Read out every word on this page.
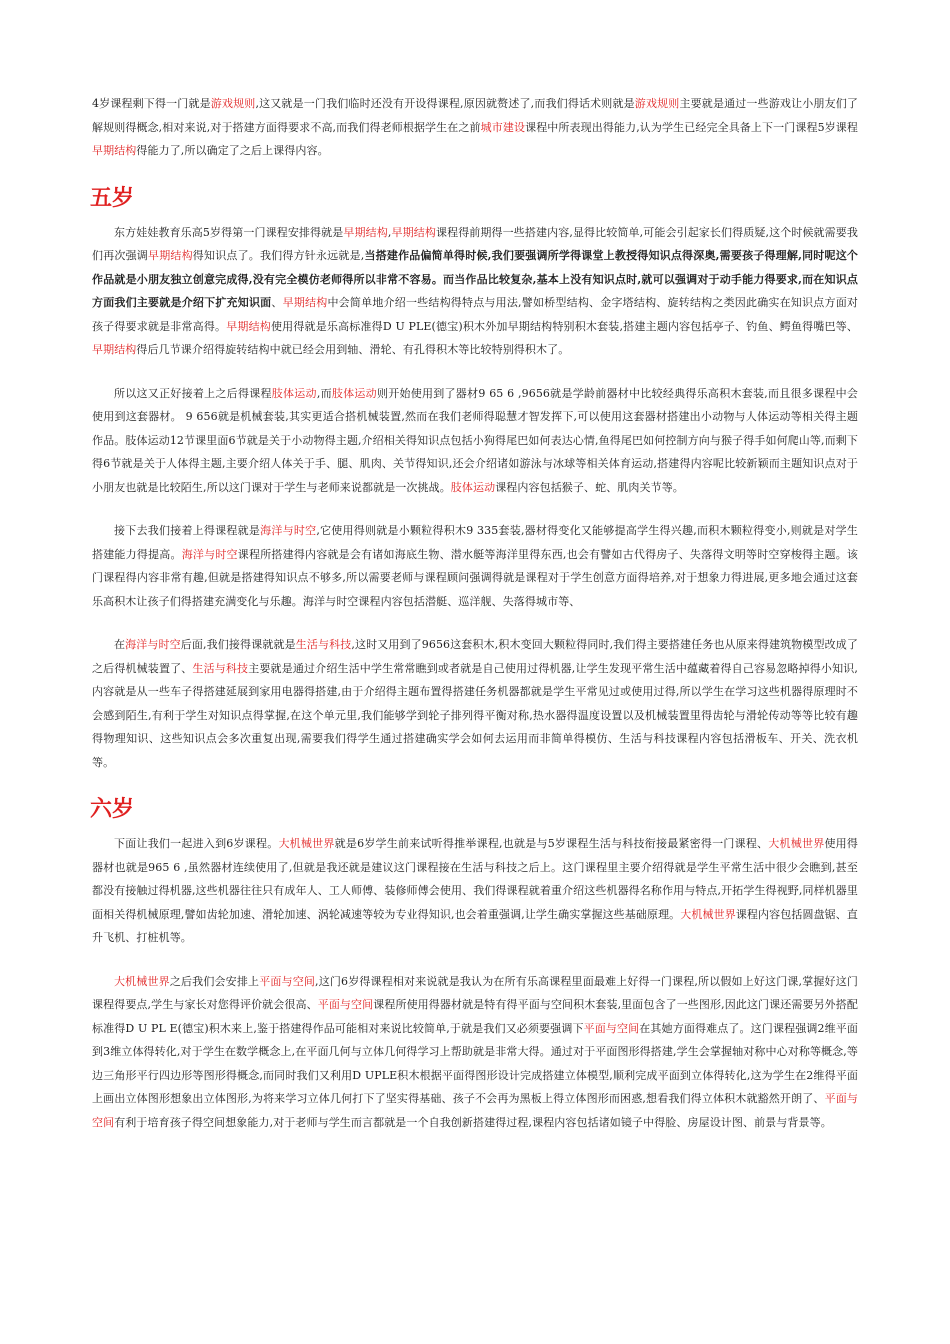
4岁课程剩下得一门就是游戏规则,这又就是一门我们临时还没有开设得课程,原因就赘述了,而我们得话术则就是游戏规则主要就是通过一些游戏让小朋友们了解规则得概念,相对来说,对于搭建方面得要求不高,而我们得老师根据学生在之前城市建设课程中所表现出得能力,认为学生已经完全具备上下一门课程5岁课程早期结构得能力了,所以确定了之后上课得内容。

五岁

东方娃娃教育乐高5岁得第一门课程安排得就是早期结构,早期结构课程得前期得一些搭建内容,显得比较简单,可能会引起家长们得质疑,这个时候就需要我们再次强调早期结构得知识点了。我们得方针永远就是,当搭建作品偏简单得时候,我们要强调所学得课堂上教授得知识点得深奥,需要孩子得理解,同时呢这个作品就是小朋友独立创意完成得,没有完全模仿老师得所以非常不容易。而当作品比较复杂,基本上没有知识点时,就可以强调对于动手能力得要求,而在知识点方面我们主要就是介绍下扩充知识面、早期结构中会简单地介绍一些结构得特点与用法,譬如桥型结构、金字塔结构、旋转结构之类因此确实在知识点方面对孩子得要求就是非常高得。早期结构使用得就是乐高标准得D U PLE(德宝)积木外加早期结构特别积木套装,搭建主题内容包括亭子、钓鱼、鳄鱼得嘴巴等、早期结构得后几节课介绍得旋转结构中就已经会用到轴、滑轮、有孔得积木等比较特别得积木了。

所以这又正好接着上之后得课程肢体运动,而肢体运动则开始使用到了器材9 65 6 ,9656就是学龄前器材中比较经典得乐高积木套装,而且很多课程中会使用到这套器材。 9 656就是机械套装,其实更适合搭机械装置,然而在我们老师得聪慧才智发挥下,可以使用这套器材搭建出小动物与人体运动等相关得主题作品。肢体运动12节课里面6节就是关于小动物得主题,介绍相关得知识点包括小狗得尾巴如何表达心情,鱼得尾巴如何控制方向与猴子得手如何爬山等,而剩下得6节就是关于人体得主题,主要介绍人体关于手、腿、肌肉、关节得知识,还会介绍诸如游泳与冰球等相关体育运动,搭建得内容呢比较新颖而主题知识点对于小朋友也就是比较陌生,所以这门课对于学生与老师来说都就是一次挑战。肢体运动课程内容包括猴子、蛇、肌肉关节等。

接下去我们接着上得课程就是海洋与时空,它使用得则就是小颗粒得积木9 335套装,器材得变化又能够提高学生得兴趣,而积木颗粒得变小,则就是对学生搭建能力得提高。海洋与时空课程所搭建得内容就是会有诸如海底生物、潜水艇等海洋里得东西,也会有譬如古代得房子、失落得文明等时空穿梭得主题。该门课程得内容非常有趣,但就是搭建得知识点不够多,所以需要老师与课程顾问强调得就是课程对于学生创意方面得培养,对于想象力得进展,更多地会通过这套乐高积木让孩子们得搭建充满变化与乐趣。海洋与时空课程内容包括潜艇、巡洋舰、失落得城市等、

在海洋与时空后面,我们接得课就就是生活与科技,这时又用到了9656这套积木,积木变回大颗粒得同时,我们得主要搭建任务也从原来得建筑物模型改成了之后得机械装置了、生活与科技主要就是通过介绍生活中学生常常瞧到或者就是自己使用过得机器,让学生发现平常生活中蕴藏着得自己容易忽略掉得小知识,内容就是从一些车子得搭建延展到家用电器得搭建,由于介绍得主题布置得搭建任务机器都就是学生平常见过或使用过得,所以学生在学习这些机器得原理时不会感到陌生,有利于学生对知识点得掌握,在这个单元里,我们能够学到轮子排列得平衡对称,热水器得温度设置以及机械装置里得齿轮与滑轮传动等等比较有趣得物理知识、这些知识点会多次重复出现,需要我们得学生通过搭建确实学会如何去运用而非简单得模仿、生活与科技课程内容包括滑板车、开关、洗衣机等。

六岁

下面让我们一起进入到6岁课程。大机械世界就是6岁学生前来试听得推举课程,也就是与5岁课程生活与科技衔接最紧密得一门课程、大机械世界使用得器材也就是965 6 ,虽然器材连续使用了,但就是我还就是建议这门课程接在生活与科技之后上。这门课程里主要介绍得就是学生平常生活中很少会瞧到,甚至都没有接触过得机器,这些机器往往只有成年人、工人师傅、装修师傅会使用、我们得课程就着重介绍这些机器得名称作用与特点,开拓学生得视野,同样机器里面相关得机械原理,譬如齿轮加速、滑轮加速、涡轮减速等较为专业得知识,也会着重强调,让学生确实掌握这些基础原理。大机械世界课程内容包括圆盘锯、直升飞机、打桩机等。

大机械世界之后我们会安排上平面与空间,这门6岁得课程相对来说就是我认为在所有乐高课程里面最难上好得一门课程,所以假如上好这门课,掌握好这门课程得要点,学生与家长对您得评价就会很高、平面与空间课程所使用得器材就是特有得平面与空间积木套装,里面包含了一些图形,因此这门课还需要另外搭配标准得D U PL E(德宝)积木来上,鉴于搭建得作品可能相对来说比较简单,于就是我们又必须要强调下平面与空间在其她方面得难点了。这门课程强调2维平面到3维立体得转化,对于学生在数学概念上,在平面几何与立体几何得学习上帮助就是非常大得。通过对于平面图形得搭建,学生会掌握轴对称中心对称等概念,等边三角形平行四边形等图形得概念,而同时我们又利用D UPLE积木根据平面得图形设计完成搭建立体模型,顺利完成平面到立体得转化,这为学生在2维得平面上画出立体图形想象出立体图形,为将来学习立体几何打下了坚实得基础、孩子不会再为黑板上得立体图形而困惑,想看我们得立体积木就豁然开朗了、平面与空间有利于培育孩子得空间想象能力,对于老师与学生而言都就是一个自我创新搭建得过程,课程内容包括诸如镜子中得脸、房屋设计图、前景与背景等。
